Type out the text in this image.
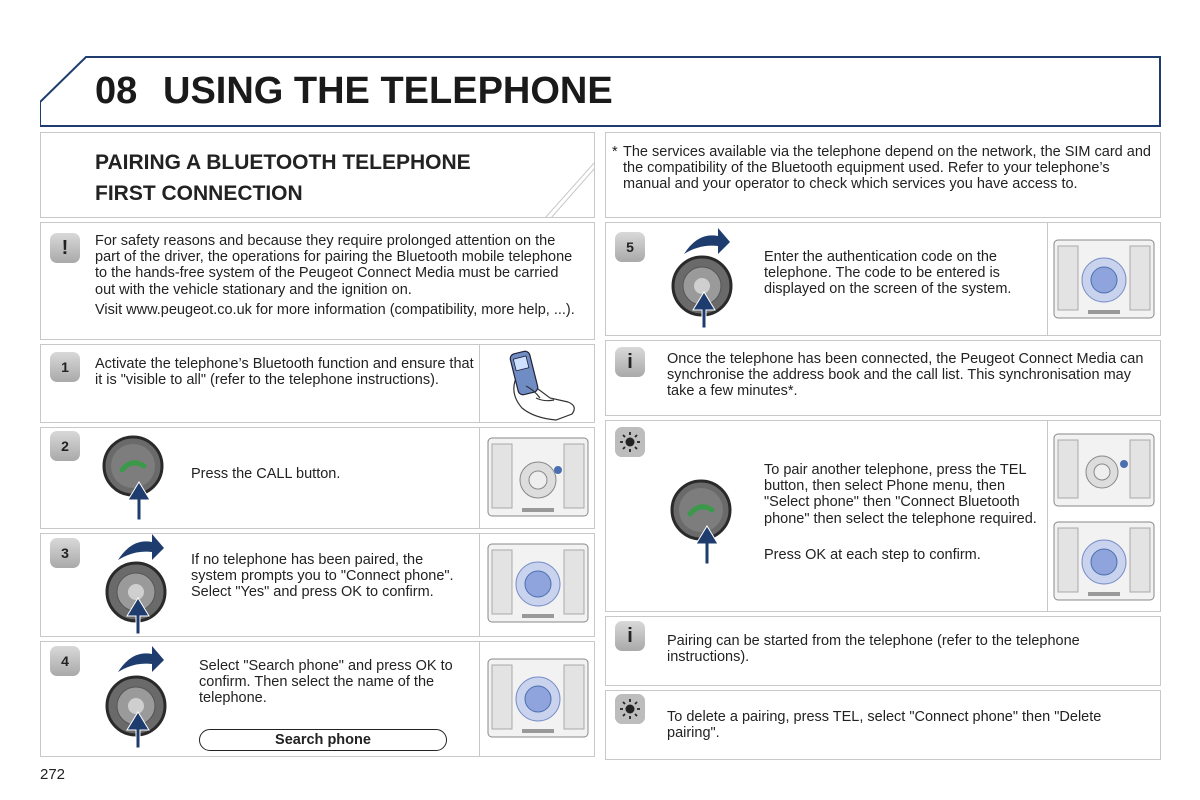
08 USING THE TELEPHONE
PAIRING A BLUETOOTH TELEPHONE
FIRST CONNECTION
* The services available via the telephone depend on the network, the SIM card and the compatibility of the Bluetooth equipment used. Refer to your telephone’s manual and your operator to check which services you have access to.
!	For safety reasons and because they require prolonged attention on the part of the driver, the operations for pairing the Bluetooth mobile telephone to the hands-free system of the Peugeot Connect Media must be carried out with the vehicle stationary and the ignition on.
Visit www.peugeot.co.uk for more information (compatibility, more help, ...).
1	Activate the telephone’s Bluetooth function and ensure that it is "visible to all" (refer to the telephone instructions).
2
Press the CALL button.
3	If no telephone has been paired, the system prompts you to "Connect phone". Select "Yes" and press OK to confirm.
4	Select "Search phone" and press OK to confirm. Then select the name of the telephone.
Search phone
5
Enter the authentication code on the telephone. The code to be entered is displayed on the screen of the system.
i	Once the telephone has been connected, the Peugeot Connect Media can synchronise the address book and the call list. This synchronisation may take a few minutes*.
To pair another telephone, press the TEL button, then select Phone menu, then "Select phone" then "Connect Bluetooth phone" then select the telephone required.
Press OK at each step to confirm.
i	Pairing can be started from the telephone (refer to the telephone instructions).
To delete a pairing, press TEL, select "Connect phone" then "Delete pairing".
272
